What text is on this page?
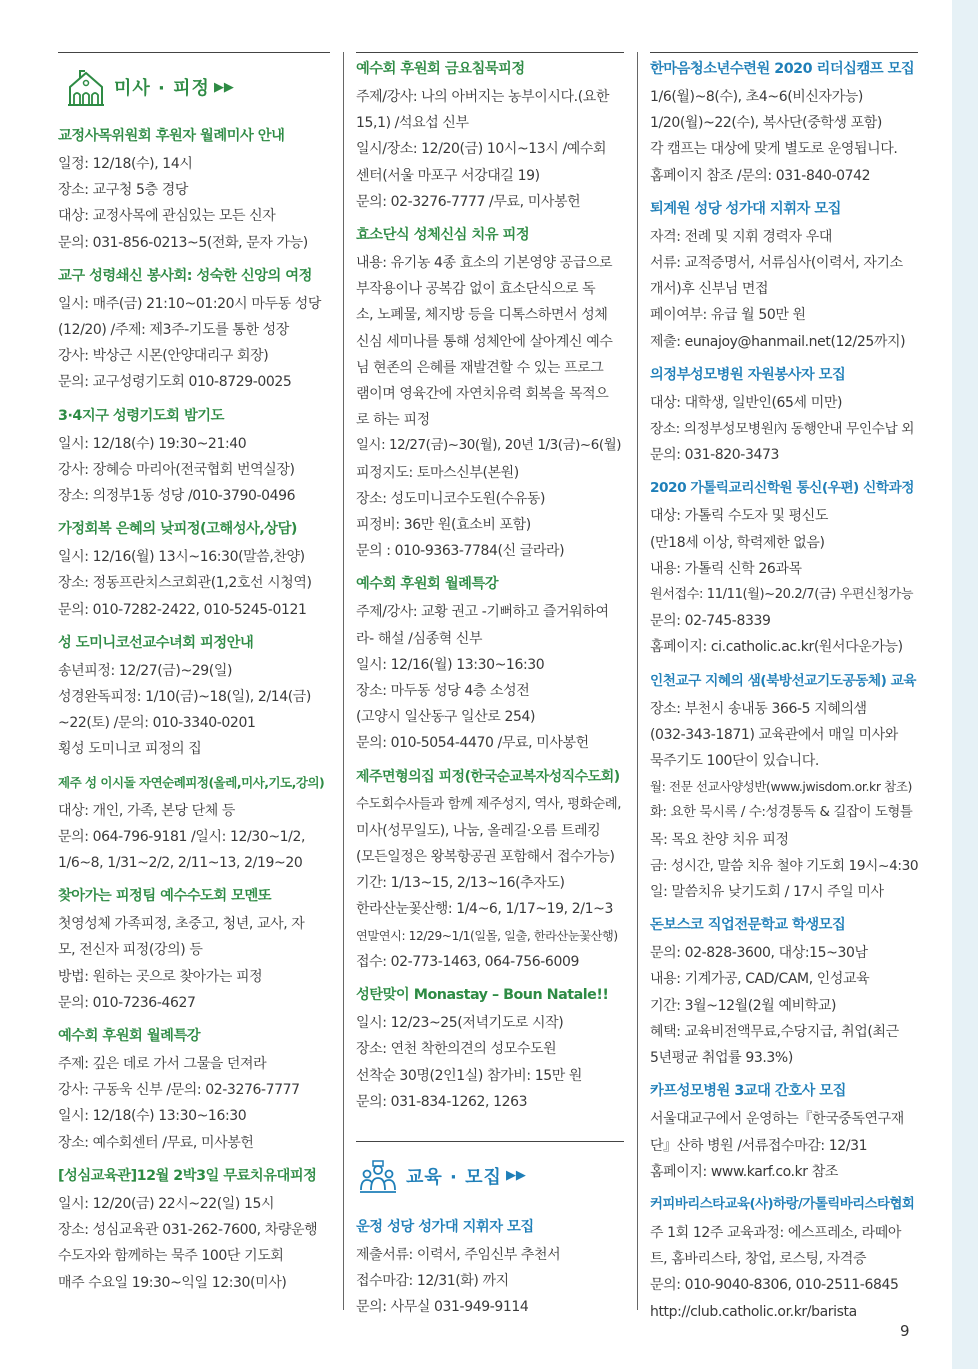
미사 · 피정 ▶▶
교정사목위원회 후원자 월례미사 안내
일정: 12/18(수), 14시
장소: 교구청 5층 경당
대상: 교정사목에 관심있는 모든 신자
문의: 031-856-0213~5(전화, 문자 가능)
교구 성령쇄신 봉사회: 성숙한 신앙의 여정
일시: 매주(금) 21:10~01:20시 마두동 성당
(12/20) /주제: 제3주-기도를 통한 성장
강사: 박상근 시몬(안양대리구 회장)
문의: 교구성령기도회 010-8729-0025
3·4지구 성령기도회 밤기도
일시: 12/18(수) 19:30~21:40
강사: 장혜승 마리아(전국협회 번역실장)
장소: 의정부1동 성당 /010-3790-0496
가정회복 은혜의 낮피정(고해성사,상담)
일시: 12/16(월) 13시~16:30(말씀,찬양)
장소: 정동프란치스코회관(1,2호선 시청역)
문의: 010-7282-2422, 010-5245-0121
성 도미니코선교수녀회 피정안내
송년피정: 12/27(금)~29(일)
성경완독피정: 1/10(금)~18(일), 2/14(금)
~22(토) /문의: 010-3340-0201
횡성 도미니코 피정의 집
제주 성 이시돌 자연순례피정(올레,미사,기도,강의)
대상: 개인, 가족, 본당 단체 등
문의: 064-796-9181 /일시: 12/30~1/2,
1/6~8, 1/31~2/2, 2/11~13, 2/19~20
찾아가는 피정팀 예수수도회 모멘또
첫영성체 가족피정, 초중고, 청년, 교사, 자
모, 전신자 피정(강의) 등
방법: 원하는 곳으로 찾아가는 피정
문의: 010-7236-4627
예수회 후원회 월례특강
주제: 깊은 데로 가서 그물을 던져라
강사: 구동욱 신부 /문의: 02-3276-7777
일시: 12/18(수) 13:30~16:30
장소: 예수회센터 /무료, 미사봉헌
[성심교육관]12월 2박3일 무료치유대피정
일시: 12/20(금) 22시~22(일) 15시
장소: 성심교육관 031-262-7600, 차량운행
수도자와 함께하는 묵주 100단 기도회
매주 수요일 19:30~익일 12:30(미사)
예수회 후원회 금요침묵피정
주제/강사: 나의 아버지는 농부이시다.(요한
15,1) /석요섭 신부
일시/장소: 12/20(금) 10시~13시 /예수회
센터(서울 마포구 서강대길 19)
문의: 02-3276-7777 /무료, 미사봉헌
효소단식 성체신심 치유 피정
내용: 유기농 4종 효소의 기본영양 공급으로
부작용이나 공복감 없이 효소단식으로 독
소, 노폐물, 체지방 등을 디톡스하면서 성체
신심 세미나를 통해 성체안에 살아계신 예수
님 현존의 은혜를 재발견할 수 있는 프로그
램이며 영육간에 자연치유력 회복을 목적으
로 하는 피정
일시: 12/27(금)~30(월), 20년 1/3(금)~6(월)
피정지도: 토마스신부(본원)
장소: 성도미니코수도원(수유동)
피정비: 36만 원(효소비 포함)
문의 : 010-9363-7784(신 글라라)
예수회 후원회 월례특강
주제/강사: 교황 권고 -기뻐하고 즐거워하여
라- 해설 /심종혁 신부
일시: 12/16(월) 13:30~16:30
장소: 마두동 성당 4층 소성전
(고양시 일산동구 일산로 254)
문의: 010-5054-4470 /무료, 미사봉헌
제주면형의집 피정(한국순교복자성직수도회)
수도회수사들과 함께 제주성지, 역사, 평화순례,
미사(성무일도), 나눔, 올레길·오름 트레킹
(모든일정은 왕복항공권 포함해서 접수가능)
기간: 1/13~15, 2/13~16(추자도)
한라산눈꽃산행: 1/4~6, 1/17~19, 2/1~3
연말연시: 12/29~1/1(일몰, 일출, 한라산눈꽃산행)
접수: 02-773-1463, 064-756-6009
성탄맞이 Monastay – Boun Natale!!
일시: 12/23~25(저녁기도로 시작)
장소: 연천 착한의견의 성모수도원
선착순 30명(2인1실) 참가비: 15만 원
문의: 031-834-1262, 1263
교육 · 모집 ▶▶
운정 성당 성가대 지휘자 모집
제출서류: 이력서, 주임신부 추천서
접수마감: 12/31(화) 까지
문의: 사무실 031-949-9114
한마음청소년수련원 2020 리더십캠프 모집
1/6(월)~8(수), 초4~6(비신자가능)
1/20(월)~22(수), 복사단(중학생 포함)
각 캠프는 대상에 맞게 별도로 운영됩니다.
홈페이지 참조 /문의: 031-840-0742
퇴계원 성당 성가대 지휘자 모집
자격: 전례 및 지휘 경력자 우대
서류: 교적증명서, 서류심사(이력서, 자기소
개서)후 신부님 면접
페이여부: 유급 월 50만 원
제출: eunajoy@hanmail.net(12/25까지)
의정부성모병원 자원봉사자 모집
대상: 대학생, 일반인(65세 미만)
장소: 의정부성모병원內 동행안내 무인수납 외
문의: 031-820-3473
2020 가톨릭교리신학원 통신(우편) 신학과정
대상: 가톨릭 수도자 및 평신도
(만18세 이상, 학력제한 없음)
내용: 가톨릭 신학 26과목
원서접수: 11/11(월)~20.2/7(금) 우편신청가능
문의: 02-745-8339
홈페이지: ci.catholic.ac.kr(원서다운가능)
인천교구 지혜의 샘(북방선교기도공동체) 교육
장소: 부천시 송내동 366-5 지혜의샘
(032-343-1871) 교육관에서 매일 미사와
묵주기도 100단이 있습니다.
월: 전문 선교사양성반(www.jwisdom.or.kr 참조)
화: 요한 묵시록 / 수:성경통독 & 길잡이 도형틀
목: 목요 찬양 치유 피정
금: 성시간, 말씀 치유 철야 기도회 19시~4:30
일: 말씀치유 낮기도회 / 17시 주일 미사
돈보스코 직업전문학교 학생모집
문의: 02-828-3600, 대상:15~30남
내용: 기계가공, CAD/CAM, 인성교육
기간: 3월~12월(2월 예비학교)
혜택: 교육비전액무료,수당지급, 취업(최근
5년평균 취업률 93.3%)
카프성모병원 3교대 간호사 모집
서울대교구에서 운영하는『한국중독연구재
단』산하 병원 /서류접수마감: 12/31
홈페이지: www.karf.co.kr 참조
커피바리스타교육(사)하랑/가톨릭바리스타협회
주 1회 12주 교육과정: 에스프레소, 라떼아
트, 홈바리스타, 창업, 로스팅, 자격증
문의: 010-9040-8306, 010-2511-6845
http://club.catholic.or.kr/barista
9
